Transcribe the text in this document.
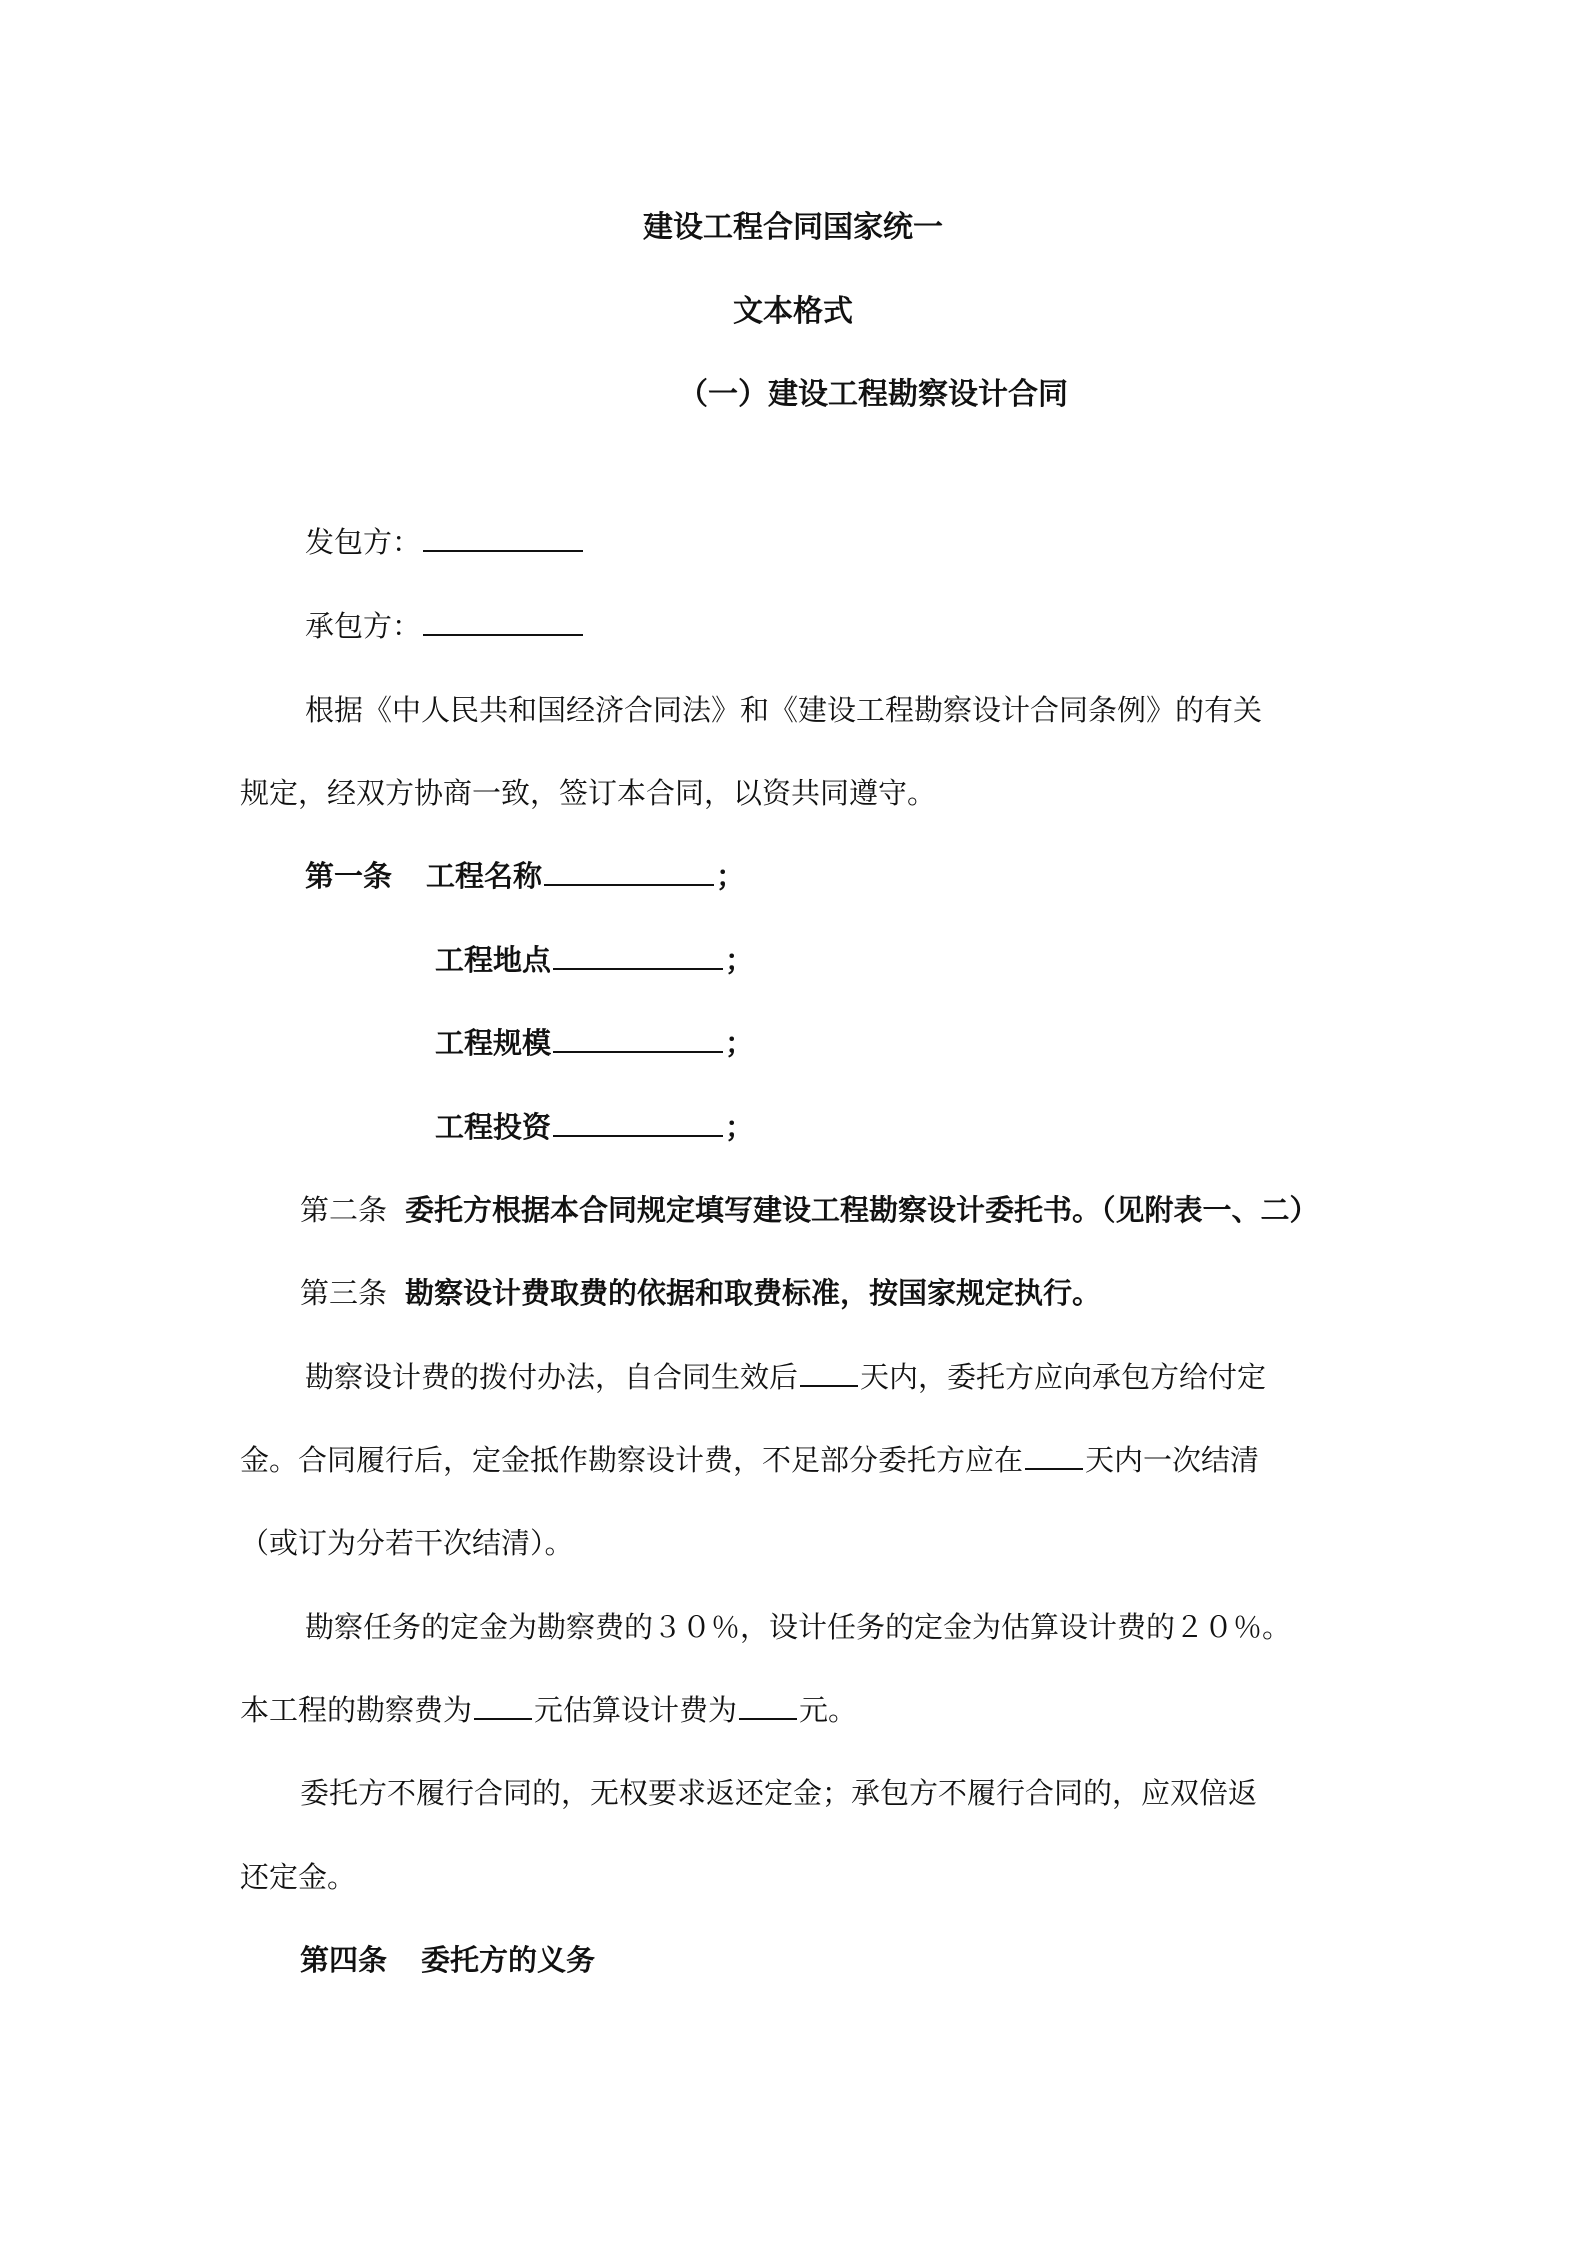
建设工程合同国家统一
文本格式
（一）建设工程勘察设计合同
发包方：
承包方：
根据《中人民共和国经济合同法》和《建设工程勘察设计合同条例》的有关
规定，经双方协商一致，签订本合同，以资共同遵守。
第一条 工程名称	；
工程地点	；
工程规模	；
工程投资	；
第二条 委托方根据本合同规定填写建设工程勘察设计委托书。（见附表一、二）
第三条 勘察设计费取费的依据和取费标准，按国家规定执行。
勘察设计费的拨付办法，自合同生效后 天内，委托方应向承包方给付定
金。合同履行后，定金抵作勘察设计费，不足部分委托方应在 天内一次结清
（或订为分若干次结清）。
勘察任务的定金为勘察费的３０％，设计任务的定金为估算设计费的２０％。
本工程的勘察费为 元估算设计费为 元。
委托方不履行合同的，无权要求返还定金；承包方不履行合同的，应双倍返
还定金。
第四条 委托方的义务
